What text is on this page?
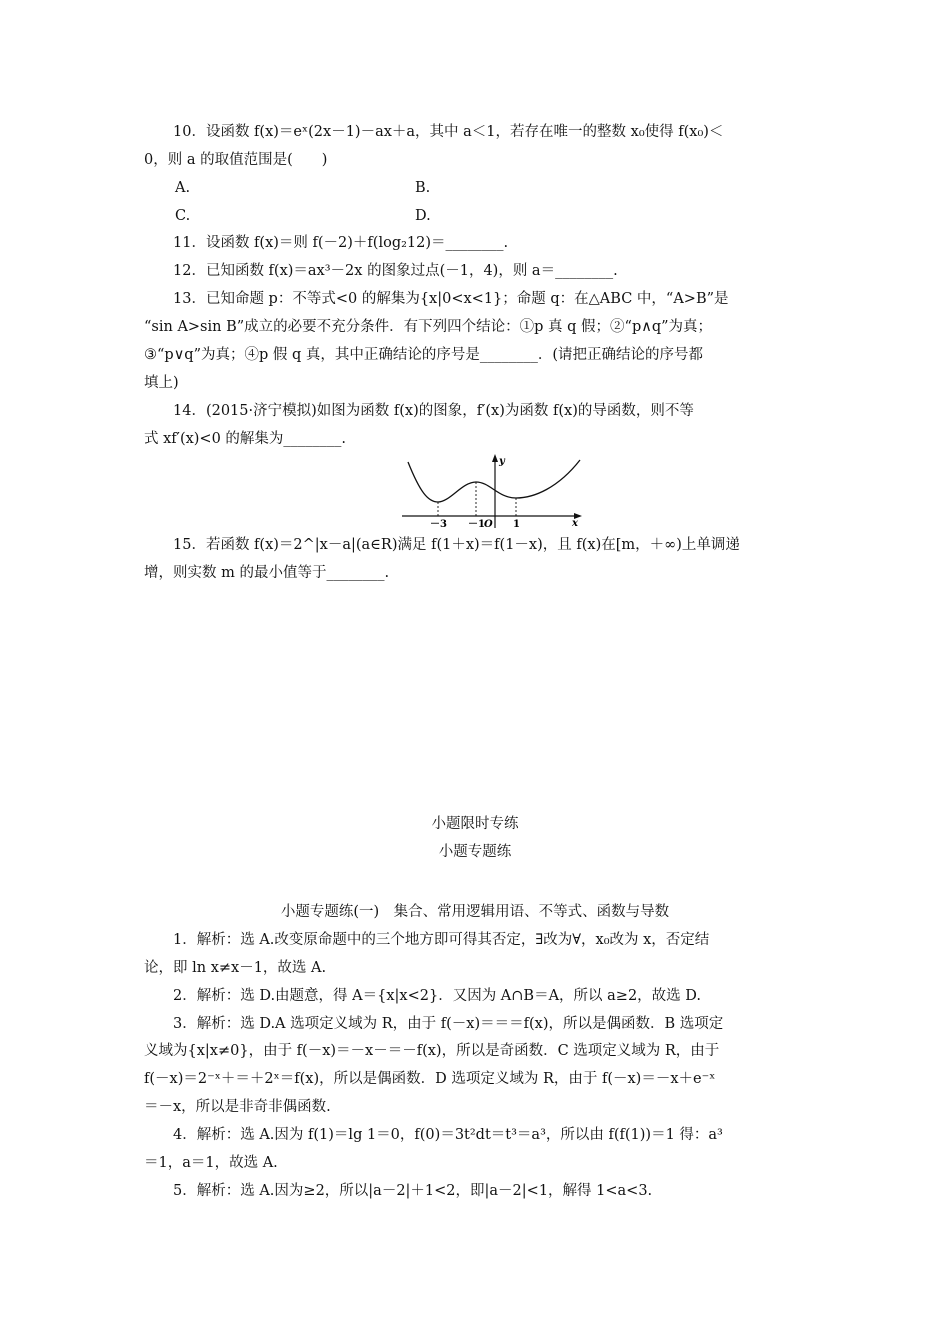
　　10．设函数 f(x)＝eˣ(2x－1)－ax＋a，其中 a＜1，若存在唯一的整数 x₀使得 f(x₀)＜
0，则 a 的取值范围是(　　)
A.	B.
C.	D.
　　11．设函数 f(x)＝则 f(－2)＋f(log₂12)＝________.
　　12．已知函数 f(x)＝ax³－2x 的图象过点(－1，4)，则 a＝________.
　　13．已知命题 p：不等式<0 的解集为{x|0<x<1}；命题 q：在△ABC 中，“A>B”是
“sin A>sin B”成立的必要不充分条件．有下列四个结论：①p 真 q 假；②“p∧q”为真；
③“p∨q”为真；④p 假 q 真，其中正确结论的序号是________．(请把正确结论的序号都
填上)
　　14．(2015·济宁模拟)如图为函数 f(x)的图象，f′(x)为函数 f(x)的导函数，则不等
式 xf′(x)<0 的解集为________.
y
x
－3 －1 O 1
　　15．若函数 f(x)＝2^|x－a|(a∈R)满足 f(1＋x)＝f(1－x)，且 f(x)在[m，＋∞)上单调递
增，则实数 m 的最小值等于________.
小题限时专练
小题专题练
小题专题练(一)　集合、常用逻辑用语、不等式、函数与导数
　　1．解析：选 A.改变原命题中的三个地方即可得其否定，∃改为∀，x₀改为 x，否定结
论，即 ln x≠x－1，故选 A.
　　2．解析：选 D.由题意，得 A＝{x|x<2}．又因为 A∩B＝A，所以 a≥2，故选 D.
　　3．解析：选 D.A 选项定义域为 R，由于 f(－x)＝＝＝f(x)，所以是偶函数．B 选项定
义域为{x|x≠0}，由于 f(－x)＝－x－＝－f(x)，所以是奇函数．C 选项定义域为 R，由于
f(－x)＝2⁻ˣ＋＝＋2ˣ＝f(x)，所以是偶函数．D 选项定义域为 R，由于 f(－x)＝－x＋e⁻ˣ
＝－x，所以是非奇非偶函数.
　　4．解析：选 A.因为 f(1)＝lg 1＝0，f(0)＝3t²dt＝t³＝a³，所以由 f(f(1))＝1 得：a³
＝1，a＝1，故选 A.
　　5．解析：选 A.因为≥2，所以|a－2|＋1<2，即|a－2|<1，解得 1<a<3.
